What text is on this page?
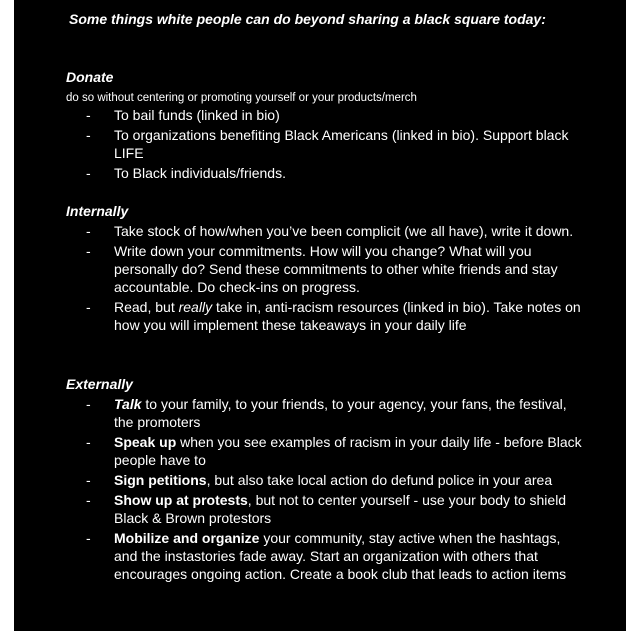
Some things white people can do beyond sharing a black square today:
Donate
do so without centering or promoting yourself or your products/merch
- To bail funds (linked in bio)
- To organizations benefiting Black Americans (linked in bio). Support black LIFE
- To Black individuals/friends.
Internally
- Take stock of how/when you’ve been complicit (we all have), write it down.
- Write down your commitments. How will you change? What will you personally do? Send these commitments to other white friends and stay accountable. Do check-ins on progress.
- Read, but really take in, anti-racism resources (linked in bio). Take notes on how you will implement these takeaways in your daily life
Externally
- Talk to your family, to your friends, to your agency, your fans, the festival, the promoters
- Speak up when you see examples of racism in your daily life - before Black people have to
- Sign petitions, but also take local action do defund police in your area
- Show up at protests, but not to center yourself - use your body to shield Black & Brown protestors
- Mobilize and organize your community, stay active when the hashtags, and the instastories fade away. Start an organization with others that encourages ongoing action. Create a book club that leads to action items
